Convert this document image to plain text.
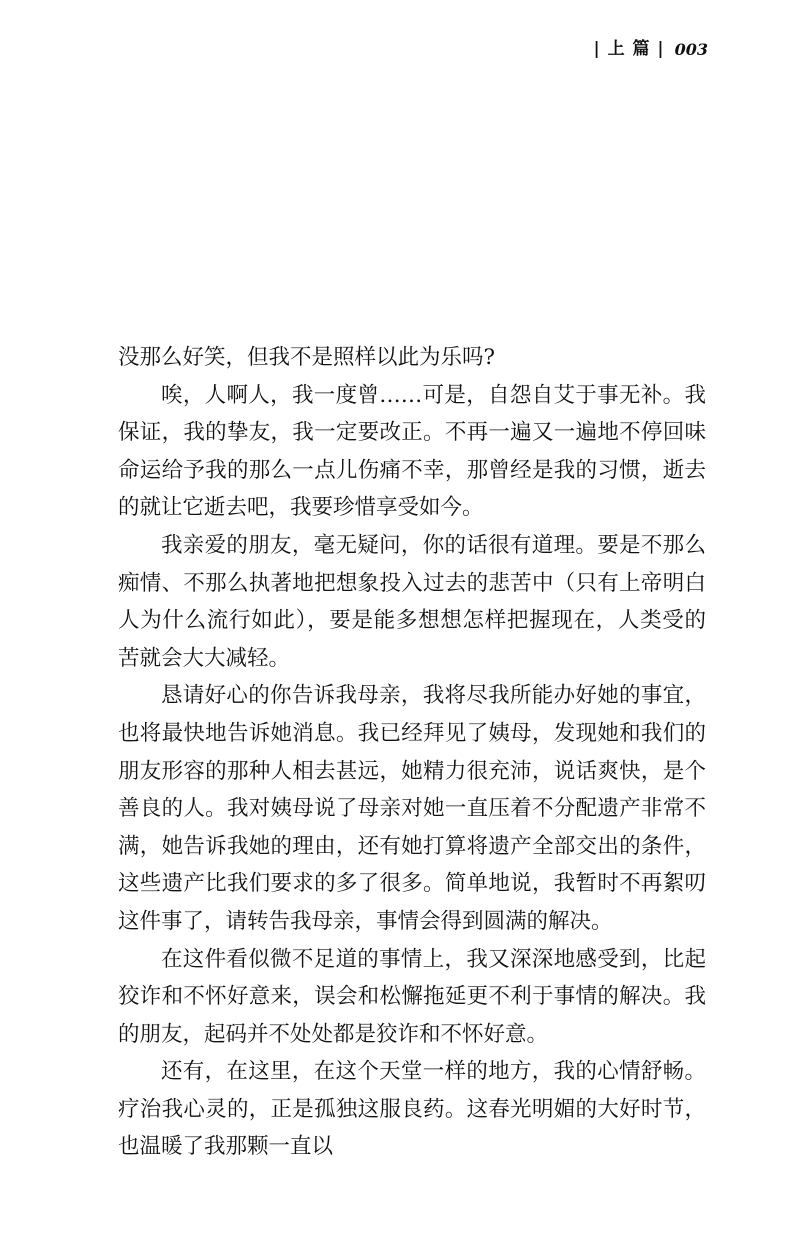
| 上 篇 | 003

没那么好笑，但我不是照样以此为乐吗?

唉，人啊人，我一度曾……可是，自怨自艾于事无补。我保证，我的挚友，我一定要改正。不再一遍又一遍地不停回味命运给予我的那么一点儿伤痛不幸，那曾经是我的习惯，逝去的就让它逝去吧，我要珍惜享受如今。

我亲爱的朋友，毫无疑问，你的话很有道理。要是不那么痴情、不那么执著地把想象投入过去的悲苦中（只有上帝明白人为什么流行如此），要是能多想想怎样把握现在，人类受的苦就会大大减轻。

恳请好心的你告诉我母亲，我将尽我所能办好她的事宜，也将最快地告诉她消息。我已经拜见了姨母，发现她和我们的朋友形容的那种人相去甚远，她精力很充沛，说话爽快，是个善良的人。我对姨母说了母亲对她一直压着不分配遗产非常不满，她告诉我她的理由，还有她打算将遗产全部交出的条件，这些遗产比我们要求的多了很多。简单地说，我暂时不再絮叨这件事了，请转告我母亲，事情会得到圆满的解决。

在这件看似微不足道的事情上，我又深深地感受到，比起狡诈和不怀好意来，误会和松懈拖延更不利于事情的解决。我的朋友，起码并不处处都是狡诈和不怀好意。

还有，在这里，在这个天堂一样的地方，我的心情舒畅。疗治我心灵的，正是孤独这服良药。这春光明媚的大好时节，也温暖了我那颗一直以
